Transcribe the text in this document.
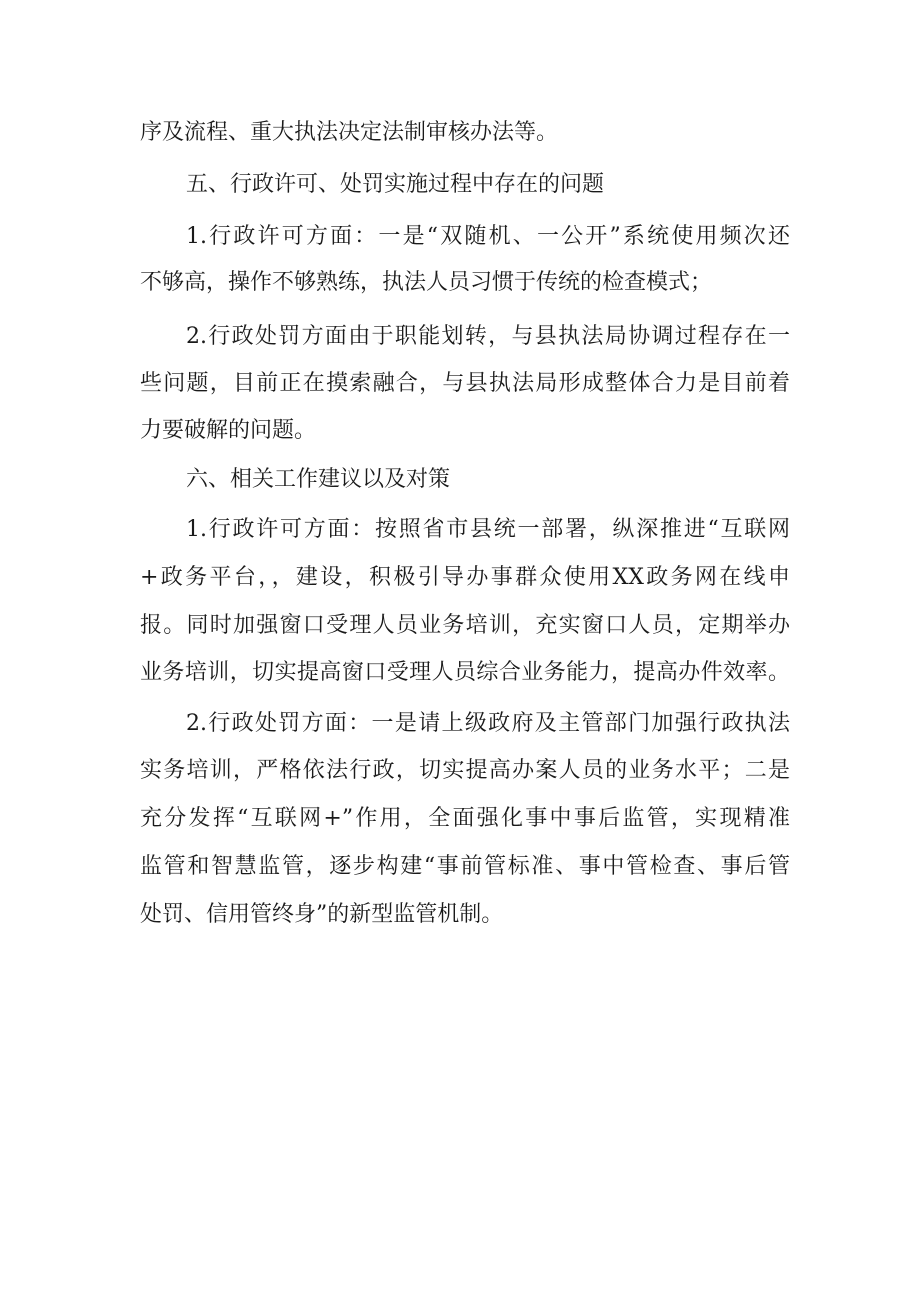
序及流程、重大执法决定法制审核办法等。
五、行政许可、处罚实施过程中存在的问题
1.行政许可方面：一是“双随机、一公开”系统使用频次还
不够高，操作不够熟练，执法人员习惯于传统的检查模式；
2.行政处罚方面由于职能划转，与县执法局协调过程存在一
些问题，目前正在摸索融合，与县执法局形成整体合力是目前着
力要破解的问题。
六、相关工作建议以及对策
1.行政许可方面：按照省市县统一部署，纵深推进“互联网
+政务平台，，建设，积极引导办事群众使用XX政务网在线申
报。同时加强窗口受理人员业务培训，充实窗口人员，定期举办
业务培训，切实提高窗口受理人员综合业务能力，提高办件效率。
2.行政处罚方面：一是请上级政府及主管部门加强行政执法
实务培训，严格依法行政，切实提高办案人员的业务水平；二是
充分发挥“互联网+”作用，全面强化事中事后监管，实现精准
监管和智慧监管，逐步构建“事前管标准、事中管检查、事后管
处罚、信用管终身”的新型监管机制。
